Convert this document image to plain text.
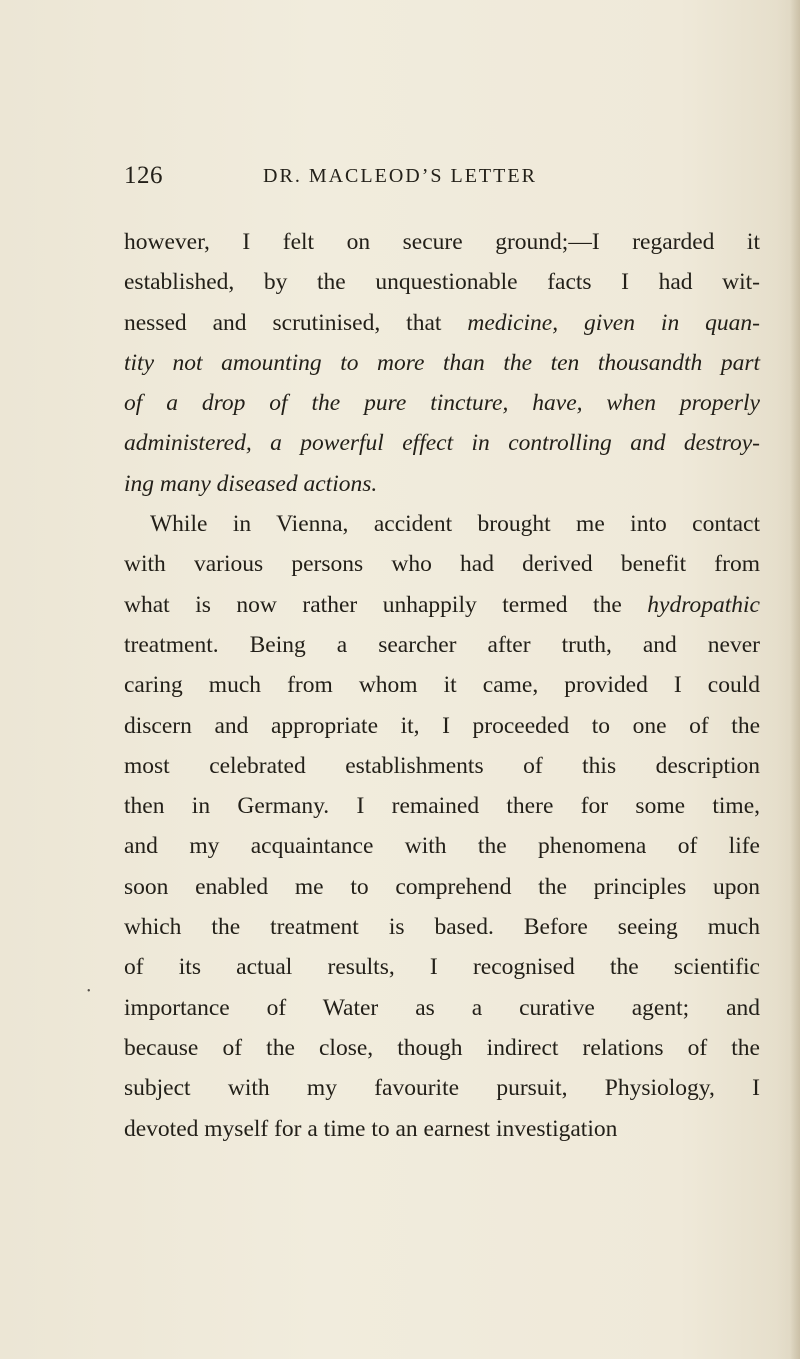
126	DR. MACLEOD’S LETTER
however, I felt on secure ground;—I regarded it
established, by the unquestionable facts I had wit-
nessed and scrutinised, that medicine, given in quan-
tity not amounting to more than the ten thousandth part
of a drop of the pure tincture, have, when properly
administered, a powerful effect in controlling and destroy-
ing many diseased actions.
While in Vienna, accident brought me into contact
with various persons who had derived benefit from
what is now rather unhappily termed the hydropathic
treatment. Being a searcher after truth, and never
caring much from whom it came, provided I could
discern and appropriate it, I proceeded to one of the
most celebrated establishments of this description
then in Germany. I remained there for some time,
and my acquaintance with the phenomena of life
soon enabled me to comprehend the principles upon
which the treatment is based. Before seeing much
of its actual results, I recognised the scientific
importance of Water as a curative agent; and
because of the close, though indirect relations of the
subject with my favourite pursuit, Physiology, I
devoted myself for a time to an earnest investigation
•
